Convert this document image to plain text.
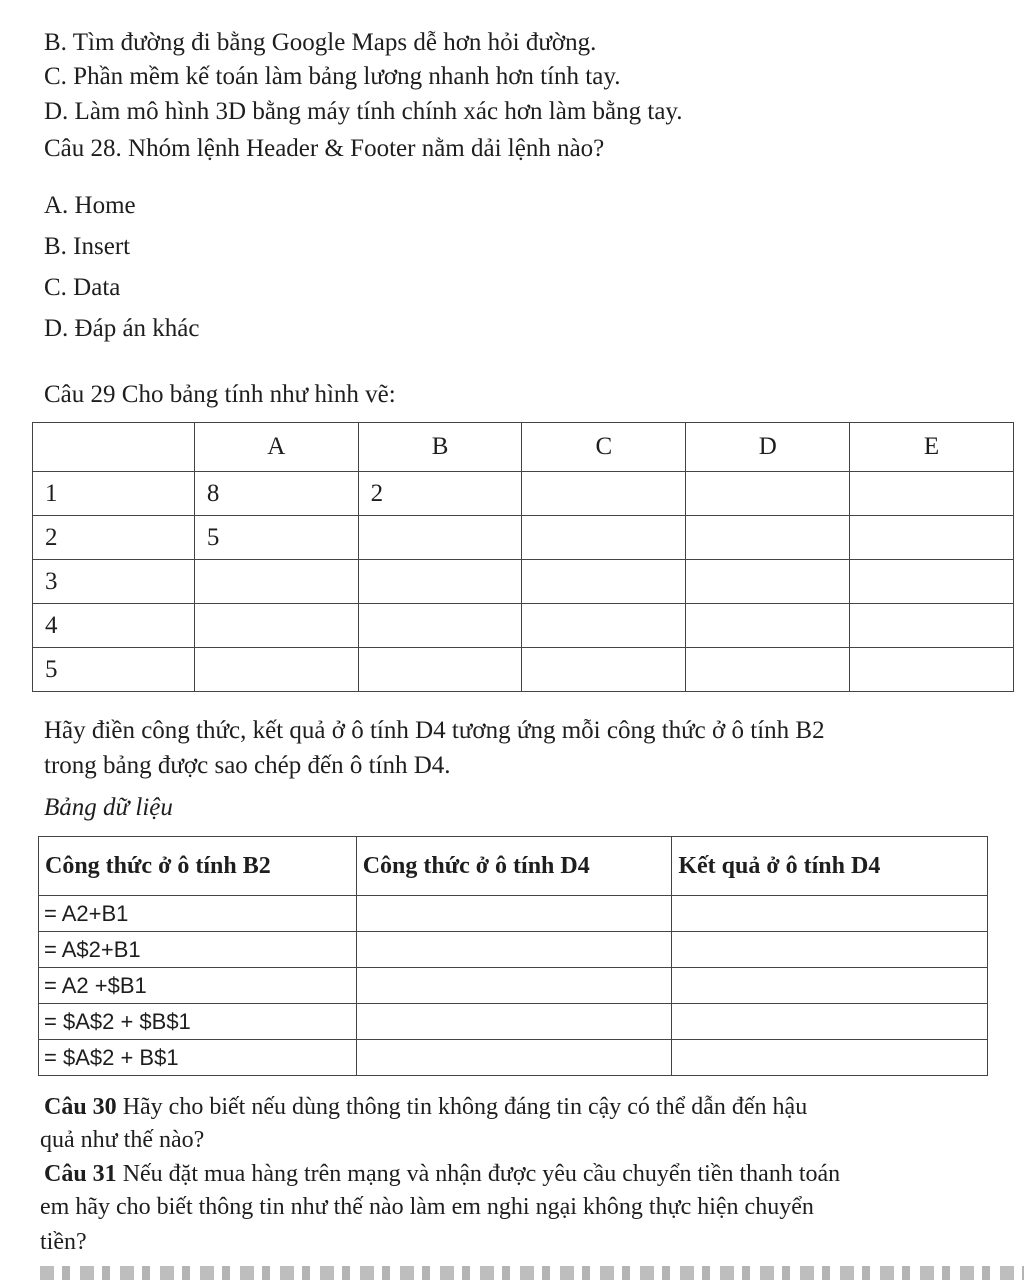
B. Tìm đường đi bằng Google Maps dễ hơn hỏi đường.
C. Phần mềm kế toán làm bảng lương nhanh hơn tính tay.
D. Làm mô hình 3D bằng máy tính chính xác hơn làm bằng tay.
Câu 28. Nhóm lệnh Header & Footer nằm dải lệnh nào?
A. Home
B. Insert
C. Data
D. Đáp án khác
Câu 29 Cho bảng tính như hình vẽ:
	A	B	C	D	E
1	8	2			
2	5				
3					
4					
5					
Hãy điền công thức, kết quả ở ô tính D4 tương ứng mỗi công thức ở ô tính B2
trong bảng được sao chép đến ô tính D4.
Bảng dữ liệu
Công thức ở ô tính B2	Công thức ở ô tính D4	Kết quả ở ô tính D4
= A2+B1		
= A$2+B1		
= A2 +$B1		
= $A$2 + $B$1		
= $A$2 + B$1		
Câu 30 Hãy cho biết nếu dùng thông tin không đáng tin cậy có thể dẫn đến hậu
quả như thế nào?
Câu 31 Nếu đặt mua hàng trên mạng và nhận được yêu cầu chuyển tiền thanh toán
em hãy cho biết thông tin như thế nào làm em nghi ngại không thực hiện chuyển
tiền?
